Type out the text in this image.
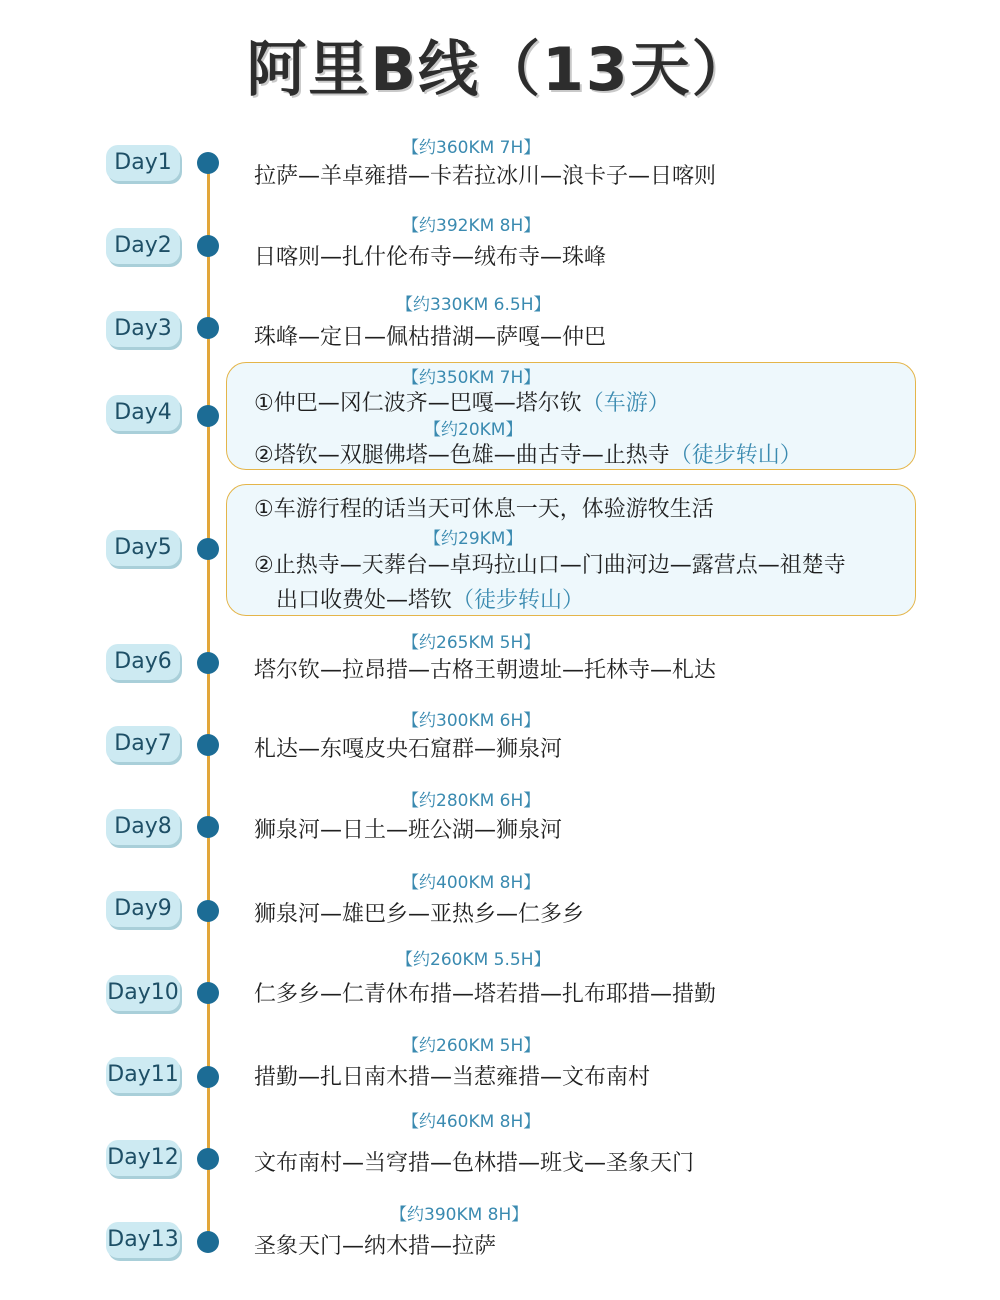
阿里B线（13天）
Day1
【约360KM 7H】
拉萨—羊卓雍措—卡若拉冰川—浪卡子—日喀则
Day2
【约392KM 8H】
日喀则—扎什伦布寺—绒布寺—珠峰
Day3
【约330KM 6.5H】
珠峰—定日—佩枯措湖—萨嘎—仲巴
Day4
【约350KM 7H】
①仲巴—冈仁波齐—巴嘎—塔尔钦（车游）
【约20KM】
②塔钦—双腿佛塔—色雄—曲古寺—止热寺（徒步转山）
Day5
①车游行程的话当天可休息一天，体验游牧生活
【约29KM】
②止热寺—天葬台—卓玛拉山口—门曲河边—露营点—祖楚寺
出口收费处—塔钦（徒步转山）
Day6
【约265KM 5H】
塔尔钦—拉昂措—古格王朝遗址—托林寺—札达
Day7
【约300KM 6H】
札达—东嘎皮央石窟群—狮泉河
Day8
【约280KM 6H】
狮泉河—日土—班公湖—狮泉河
Day9
【约400KM 8H】
狮泉河—雄巴乡—亚热乡—仁多乡
Day10
【约260KM 5.5H】
仁多乡—仁青休布措—塔若措—扎布耶措—措勤
Day11
【约260KM 5H】
措勤—扎日南木措—当惹雍措—文布南村
Day12
【约460KM 8H】
文布南村—当穹措—色林措—班戈—圣象天门
Day13
【约390KM 8H】
圣象天门—纳木措—拉萨
